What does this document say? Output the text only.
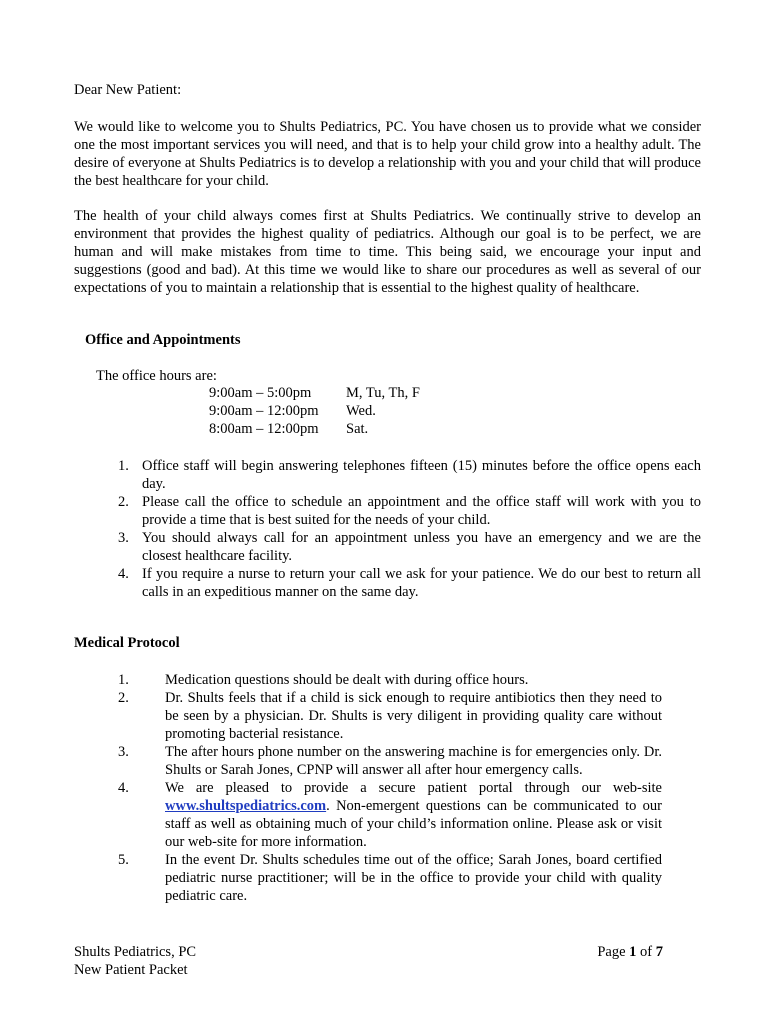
Dear New Patient:
We would like to welcome you to Shults Pediatrics, PC. You have chosen us to provide what we consider one the most important services you will need, and that is to help your child grow into a healthy adult. The desire of everyone at Shults Pediatrics is to develop a relationship with you and your child that will produce the best healthcare for your child.
The health of your child always comes first at Shults Pediatrics. We continually strive to develop an environment that provides the highest quality of pediatrics. Although our goal is to be perfect, we are human and will make mistakes from time to time. This being said, we encourage your input and suggestions (good and bad). At this time we would like to share our procedures as well as several of our expectations of you to maintain a relationship that is essential to the highest quality of healthcare.
Office and Appointments
The office hours are:
9:00am – 5:00pm M, Tu, Th, F
9:00am – 12:00pm Wed.
8:00am – 12:00pm Sat.
1. Office staff will begin answering telephones fifteen (15) minutes before the office opens each day.
2. Please call the office to schedule an appointment and the office staff will work with you to provide a time that is best suited for the needs of your child.
3. You should always call for an appointment unless you have an emergency and we are the closest healthcare facility.
4. If you require a nurse to return your call we ask for your patience. We do our best to return all calls in an expeditious manner on the same day.
Medical Protocol
1. Medication questions should be dealt with during office hours.
2. Dr. Shults feels that if a child is sick enough to require antibiotics then they need to be seen by a physician. Dr. Shults is very diligent in providing quality care without promoting bacterial resistance.
3. The after hours phone number on the answering machine is for emergencies only. Dr. Shults or Sarah Jones, CPNP will answer all after hour emergency calls.
4. We are pleased to provide a secure patient portal through our web-site www.shultspediatrics.com. Non-emergent questions can be communicated to our staff as well as obtaining much of your child’s information online. Please ask or visit our web-site for more information.
5. In the event Dr. Shults schedules time out of the office; Sarah Jones, board certified pediatric nurse practitioner; will be in the office to provide your child with quality pediatric care.
Shults Pediatrics, PC
New Patient Packet
Page 1 of 7
